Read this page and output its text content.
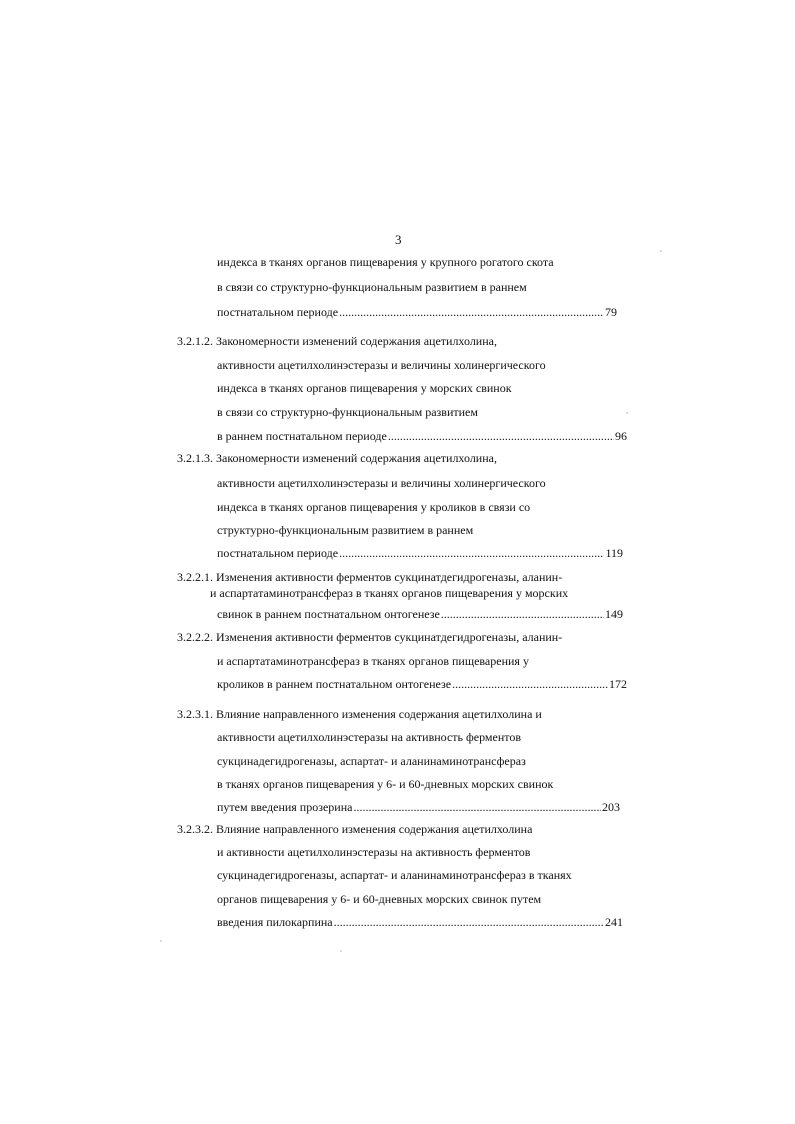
3
индекса в тканях органов пищеварения у крупного рогатого скота
в связи со структурно-функциональным развитием в раннем
постнатальном периоде .....	79
3.2.1.2. Закономерности изменений содержания ацетилхолина,
активности ацетилхолинэстеразы и величины холинергического
индекса в тканях органов пищеварения у морских свинок
в связи со структурно-функциональным развитием
в раннем постнатальном периоде .....	96
3.2.1.3. Закономерности изменений содержания ацетилхолина,
активности ацетилхолинэстеразы и величины холинергического
индекса в тканях органов пищеварения у кроликов в связи со
структурно-функциональным развитием в раннем
постнатальном периоде .....	119
3.2.2.1. Изменения активности ферментов сукцинатдегидрогеназы, аланин-
и аспартатаминотрансфераз в тканях органов пищеварения у морских
свинок в раннем постнатальном онтогенезе .....	149
3.2.2.2. Изменения активности ферментов сукцинатдегидрогеназы, аланин-
и аспартатаминотрансфераз в тканях органов пищеварения у
кроликов в раннем постнатальном онтогенезе .....	172
3.2.3.1. Влияние направленного изменения содержания ацетилхолина и
активности ацетилхолинэстеразы на активность ферментов
сукцинадегидрогеназы, аспартат- и аланинаминотрансфераз
в тканях органов пищеварения у 6- и 60-дневных морских свинок
путем введения прозерина .....	203
3.2.3.2. Влияние направленного изменения содержания ацетилхолина
и активности ацетилхолинэстеразы на активность ферментов
сукцинадегидрогеназы, аспартат- и аланинаминотрансфераз в тканях
органов пищеварения у 6- и 60-дневных морских свинок путем
введения пилокарпина .....	241
